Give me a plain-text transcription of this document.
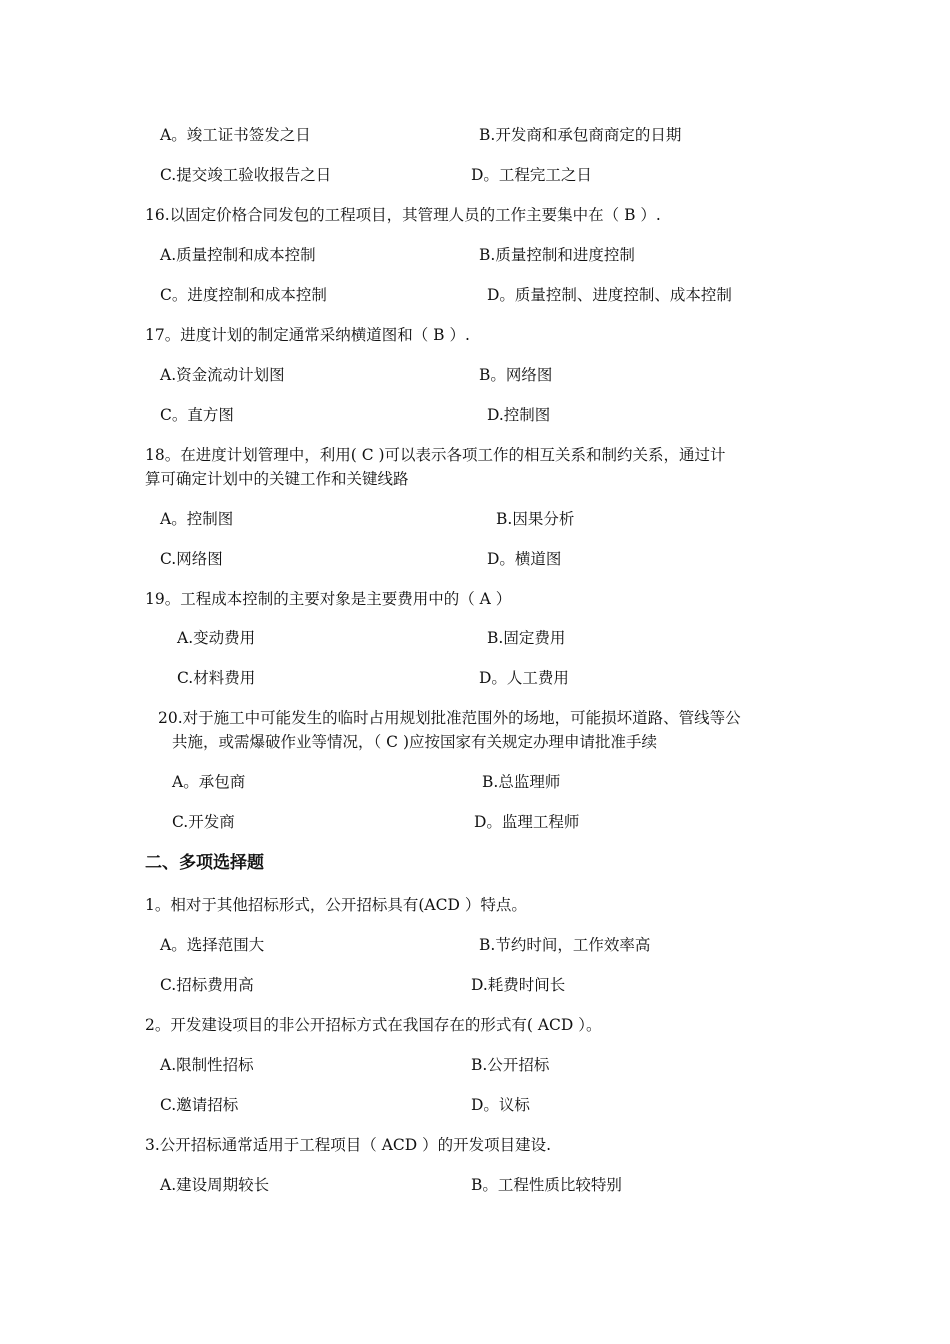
A。竣工证书签发之日	B.开发商和承包商商定的日期
C.提交竣工验收报告之日	D。工程完工之日
16.以固定价格合同发包的工程项目，其管理人员的工作主要集中在（ B ）.
A.质量控制和成本控制	B.质量控制和进度控制
C。进度控制和成本控制	D。质量控制、进度控制、成本控制
17。进度计划的制定通常采纳横道图和（ B ）.
A.资金流动计划图	B。网络图
C。直方图	D.控制图
18。在进度计划管理中，利用( C )可以表示各项工作的相互关系和制约关系，通过计
算可确定计划中的关键工作和关键线路
A。控制图	B.因果分析
C.网络图	D。横道图
19。工程成本控制的主要对象是主要费用中的（ A ）
A.变动费用	B.固定费用
C.材料费用	D。人工费用
20.对于施工中可能发生的临时占用规划批准范围外的场地，可能损坏道路、管线等公
共施，或需爆破作业等情况，（ C )应按国家有关规定办理申请批准手续
A。承包商	B.总监理师
C.开发商	D。监理工程师
二、多项选择题
1。相对于其他招标形式，公开招标具有(ACD ）特点。
A。选择范围大	B.节约时间，工作效率高
C.招标费用高	D.耗费时间长
2。开发建设项目的非公开招标方式在我国存在的形式有( ACD ）。
A.限制性招标	B.公开招标
C.邀请招标	D。议标
3.公开招标通常适用于工程项目（ ACD ）的开发项目建设.
A.建设周期较长	B。工程性质比较特别
